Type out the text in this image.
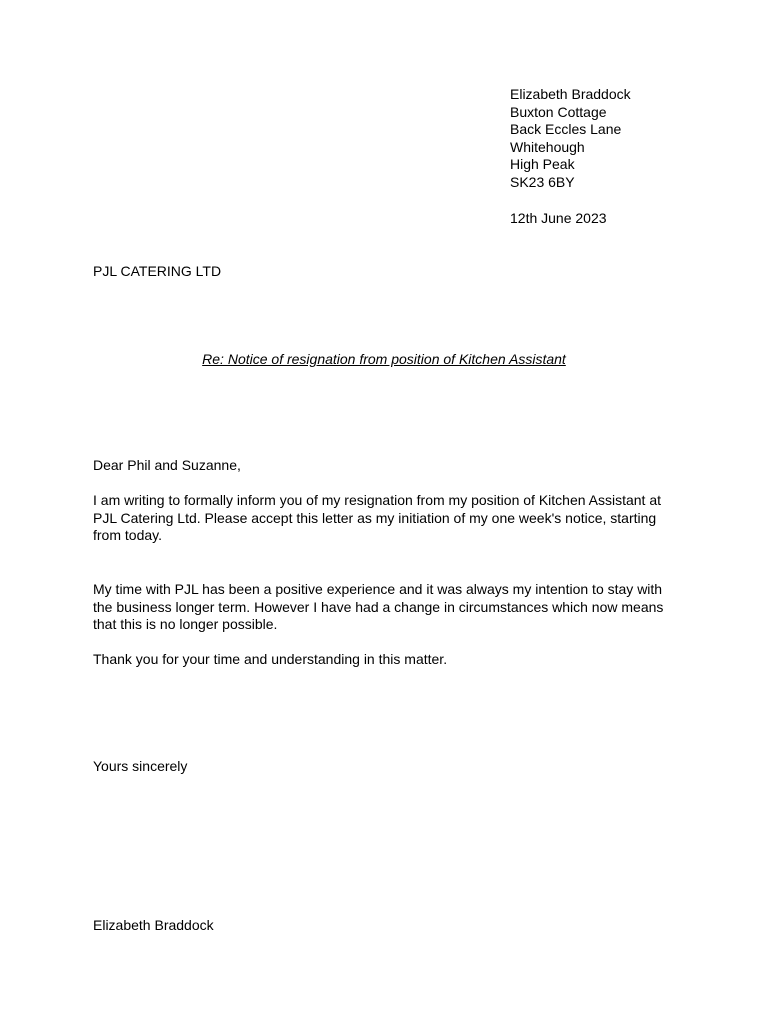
Elizabeth Braddock
Buxton Cottage
Back Eccles Lane
Whitehough
High Peak
SK23 6BY
12th June 2023
PJL CATERING LTD
Re: Notice of resignation from position of Kitchen Assistant
Dear Phil and Suzanne,

I am writing to formally inform you of my resignation from my position of Kitchen Assistant at PJL Catering Ltd. Please accept this letter as my initiation of my one week's notice, starting from today.

My time with PJL has been a positive experience and it was always my intention to stay with the business longer term. However I have had a change in circumstances which now means that this is no longer possible.

Thank you for your time and understanding in this matter.

Yours sincerely
Elizabeth Braddock
